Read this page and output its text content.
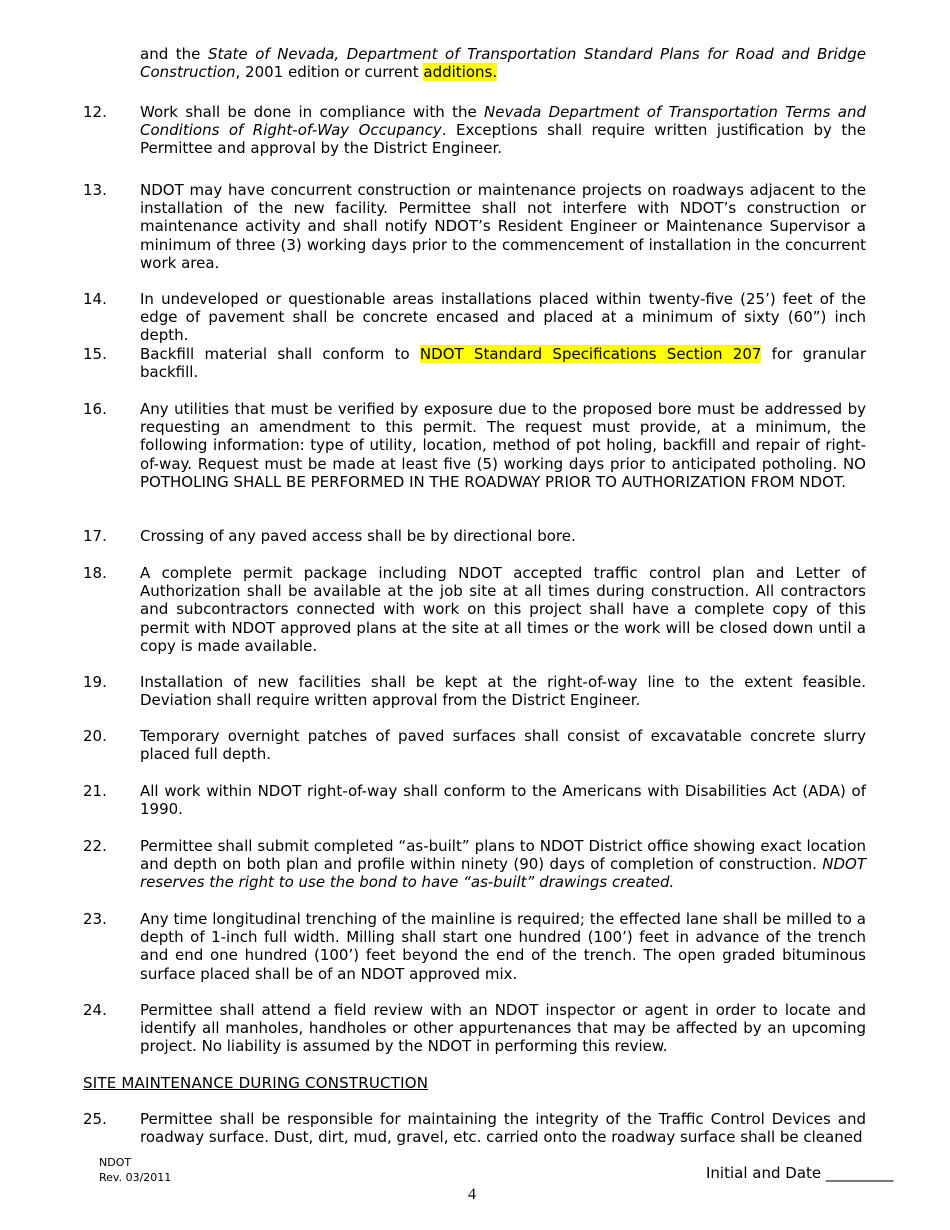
and the State of Nevada, Department of Transportation Standard Plans for Road and Bridge Construction, 2001 edition or current additions.
12.	Work shall be done in compliance with the Nevada Department of Transportation Terms and Conditions of Right-of-Way Occupancy. Exceptions shall require written justification by the Permittee and approval by the District Engineer.
13.	NDOT may have concurrent construction or maintenance projects on roadways adjacent to the installation of the new facility. Permittee shall not interfere with NDOT’s construction or maintenance activity and shall notify NDOT’s Resident Engineer or Maintenance Supervisor a minimum of three (3) working days prior to the commencement of installation in the concurrent work area.
14.	In undeveloped or questionable areas installations placed within twenty-five (25’) feet of the edge of pavement shall be concrete encased and placed at a minimum of sixty (60”) inch depth.
15.	Backfill material shall conform to NDOT Standard Specifications Section 207 for granular backfill.
16.	Any utilities that must be verified by exposure due to the proposed bore must be addressed by requesting an amendment to this permit. The request must provide, at a minimum, the following information: type of utility, location, method of pot holing, backfill and repair of right-of-way. Request must be made at least five (5) working days prior to anticipated potholing. NO POTHOLING SHALL BE PERFORMED IN THE ROADWAY PRIOR TO AUTHORIZATION FROM NDOT.
17.	Crossing of any paved access shall be by directional bore.
18.	A complete permit package including NDOT accepted traffic control plan and Letter of Authorization shall be available at the job site at all times during construction. All contractors and subcontractors connected with work on this project shall have a complete copy of this permit with NDOT approved plans at the site at all times or the work will be closed down until a copy is made available.
19.	Installation of new facilities shall be kept at the right-of-way line to the extent feasible. Deviation shall require written approval from the District Engineer.
20.	Temporary overnight patches of paved surfaces shall consist of excavatable concrete slurry placed full depth.
21.	All work within NDOT right-of-way shall conform to the Americans with Disabilities Act (ADA) of 1990.
22.	Permittee shall submit completed “as-built” plans to NDOT District office showing exact location and depth on both plan and profile within ninety (90) days of completion of construction. NDOT reserves the right to use the bond to have “as-built” drawings created.
23.	Any time longitudinal trenching of the mainline is required; the effected lane shall be milled to a depth of 1-inch full width. Milling shall start one hundred (100’) feet in advance of the trench and end one hundred (100’) feet beyond the end of the trench. The open graded bituminous surface placed shall be of an NDOT approved mix.
24.	Permittee shall attend a field review with an NDOT inspector or agent in order to locate and identify all manholes, handholes or other appurtenances that may be affected by an upcoming project. No liability is assumed by the NDOT in performing this review.
SITE MAINTENANCE DURING CONSTRUCTION
25.	Permittee shall be responsible for maintaining the integrity of the Traffic Control Devices and roadway surface. Dust, dirt, mud, gravel, etc. carried onto the roadway surface shall be cleaned
NDOT
Rev. 03/2011	Initial and Date _________
4
